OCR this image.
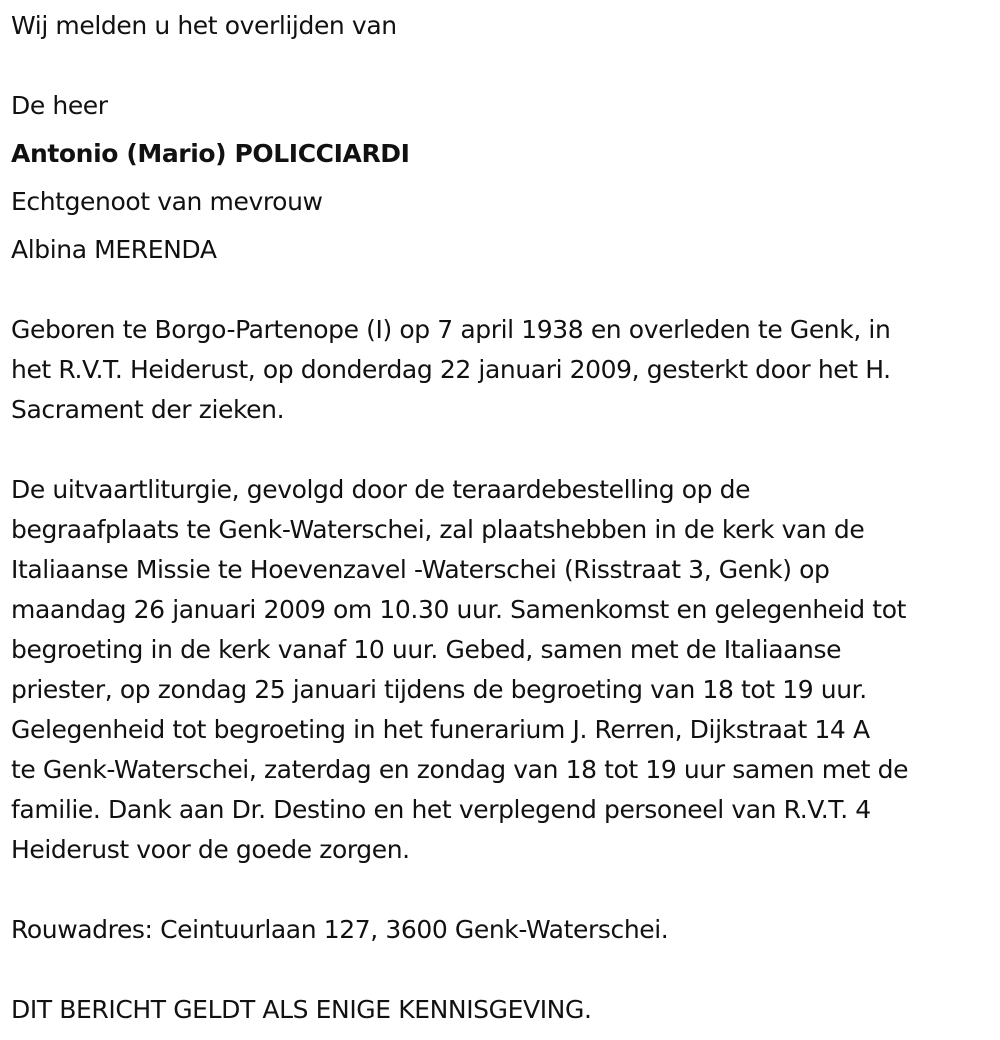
Wij melden u het overlijden van
De heer
Antonio (Mario) POLICCIARDI
Echtgenoot van mevrouw
Albina MERENDA
Geboren te Borgo-Partenope (I) op 7 april 1938 en overleden te Genk, in
het R.V.T. Heiderust, op donderdag 22 januari 2009, gesterkt door het H.
Sacrament der zieken.
De uitvaartliturgie, gevolgd door de teraardebestelling op de
begraafplaats te Genk-Waterschei, zal plaatshebben in de kerk van de
Italiaanse Missie te Hoevenzavel -Waterschei (Risstraat 3, Genk) op
maandag 26 januari 2009 om 10.30 uur. Samenkomst en gelegenheid tot
begroeting in de kerk vanaf 10 uur. Gebed, samen met de Italiaanse
priester, op zondag 25 januari tijdens de begroeting van 18 tot 19 uur.
Gelegenheid tot begroeting in het funerarium J. Rerren, Dijkstraat 14 A
te Genk-Waterschei, zaterdag en zondag van 18 tot 19 uur samen met de
familie. Dank aan Dr. Destino en het verplegend personeel van R.V.T. 4
Heiderust voor de goede zorgen.
Rouwadres: Ceintuurlaan 127, 3600 Genk-Waterschei.
DIT BERICHT GELDT ALS ENIGE KENNISGEVING.
